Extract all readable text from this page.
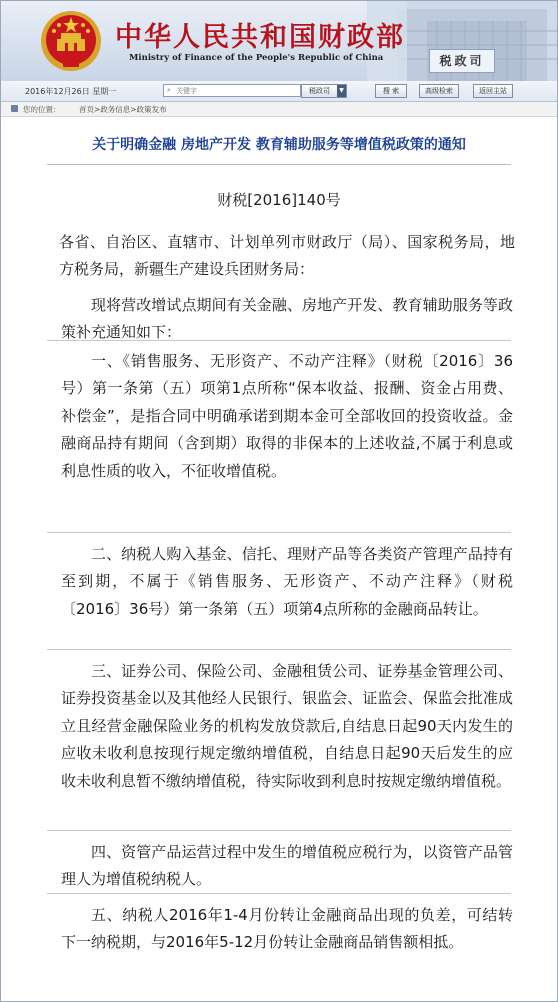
中华人民共和国财政部
Ministry of Finance of the People's Republic of China	税政司
2016年12月26日 星期一
关键字	⌕	税政司	▼	搜 索	高级检索	返回主站
您的位置： 首页>政务信息>政策发布
关于明确金融 房地产开发 教育辅助服务等增值税政策的通知
财税[2016]140号

各省、自治区、直辖市、计划单列市财政厅（局）、国家税务局，地方税务局，新疆生产建设兵团财务局：

现将营改增试点期间有关金融、房地产开发、教育辅助服务等政策补充通知如下：

一、《销售服务、无形资产、不动产注释》（财税〔2016〕36号）第一条第（五）项第1点所称“保本收益、报酬、资金占用费、补偿金”，是指合同中明确承诺到期本金可全部收回的投资收益。金融商品持有期间（含到期）取得的非保本的上述收益,不属于利息或利息性质的收入，不征收增值税。

二、纳税人购入基金、信托、理财产品等各类资产管理产品持有至到期，不属于《销售服务、无形资产、不动产注释》（财税〔2016〕36号）第一条第（五）项第4点所称的金融商品转让。

三、证券公司、保险公司、金融租赁公司、证券基金管理公司、证券投资基金以及其他经人民银行、银监会、证监会、保监会批准成立且经营金融保险业务的机构发放贷款后,自结息日起90天内发生的应收未收利息按现行规定缴纳增值税，自结息日起90天后发生的应收未收利息暂不缴纳增值税，待实际收到利息时按规定缴纳增值税。

四、资管产品运营过程中发生的增值税应税行为，以资管产品管理人为增值税纳税人。

五、纳税人2016年1-4月份转让金融商品出现的负差，可结转下一纳税期，与2016年5-12月份转让金融商品销售额相抵。
